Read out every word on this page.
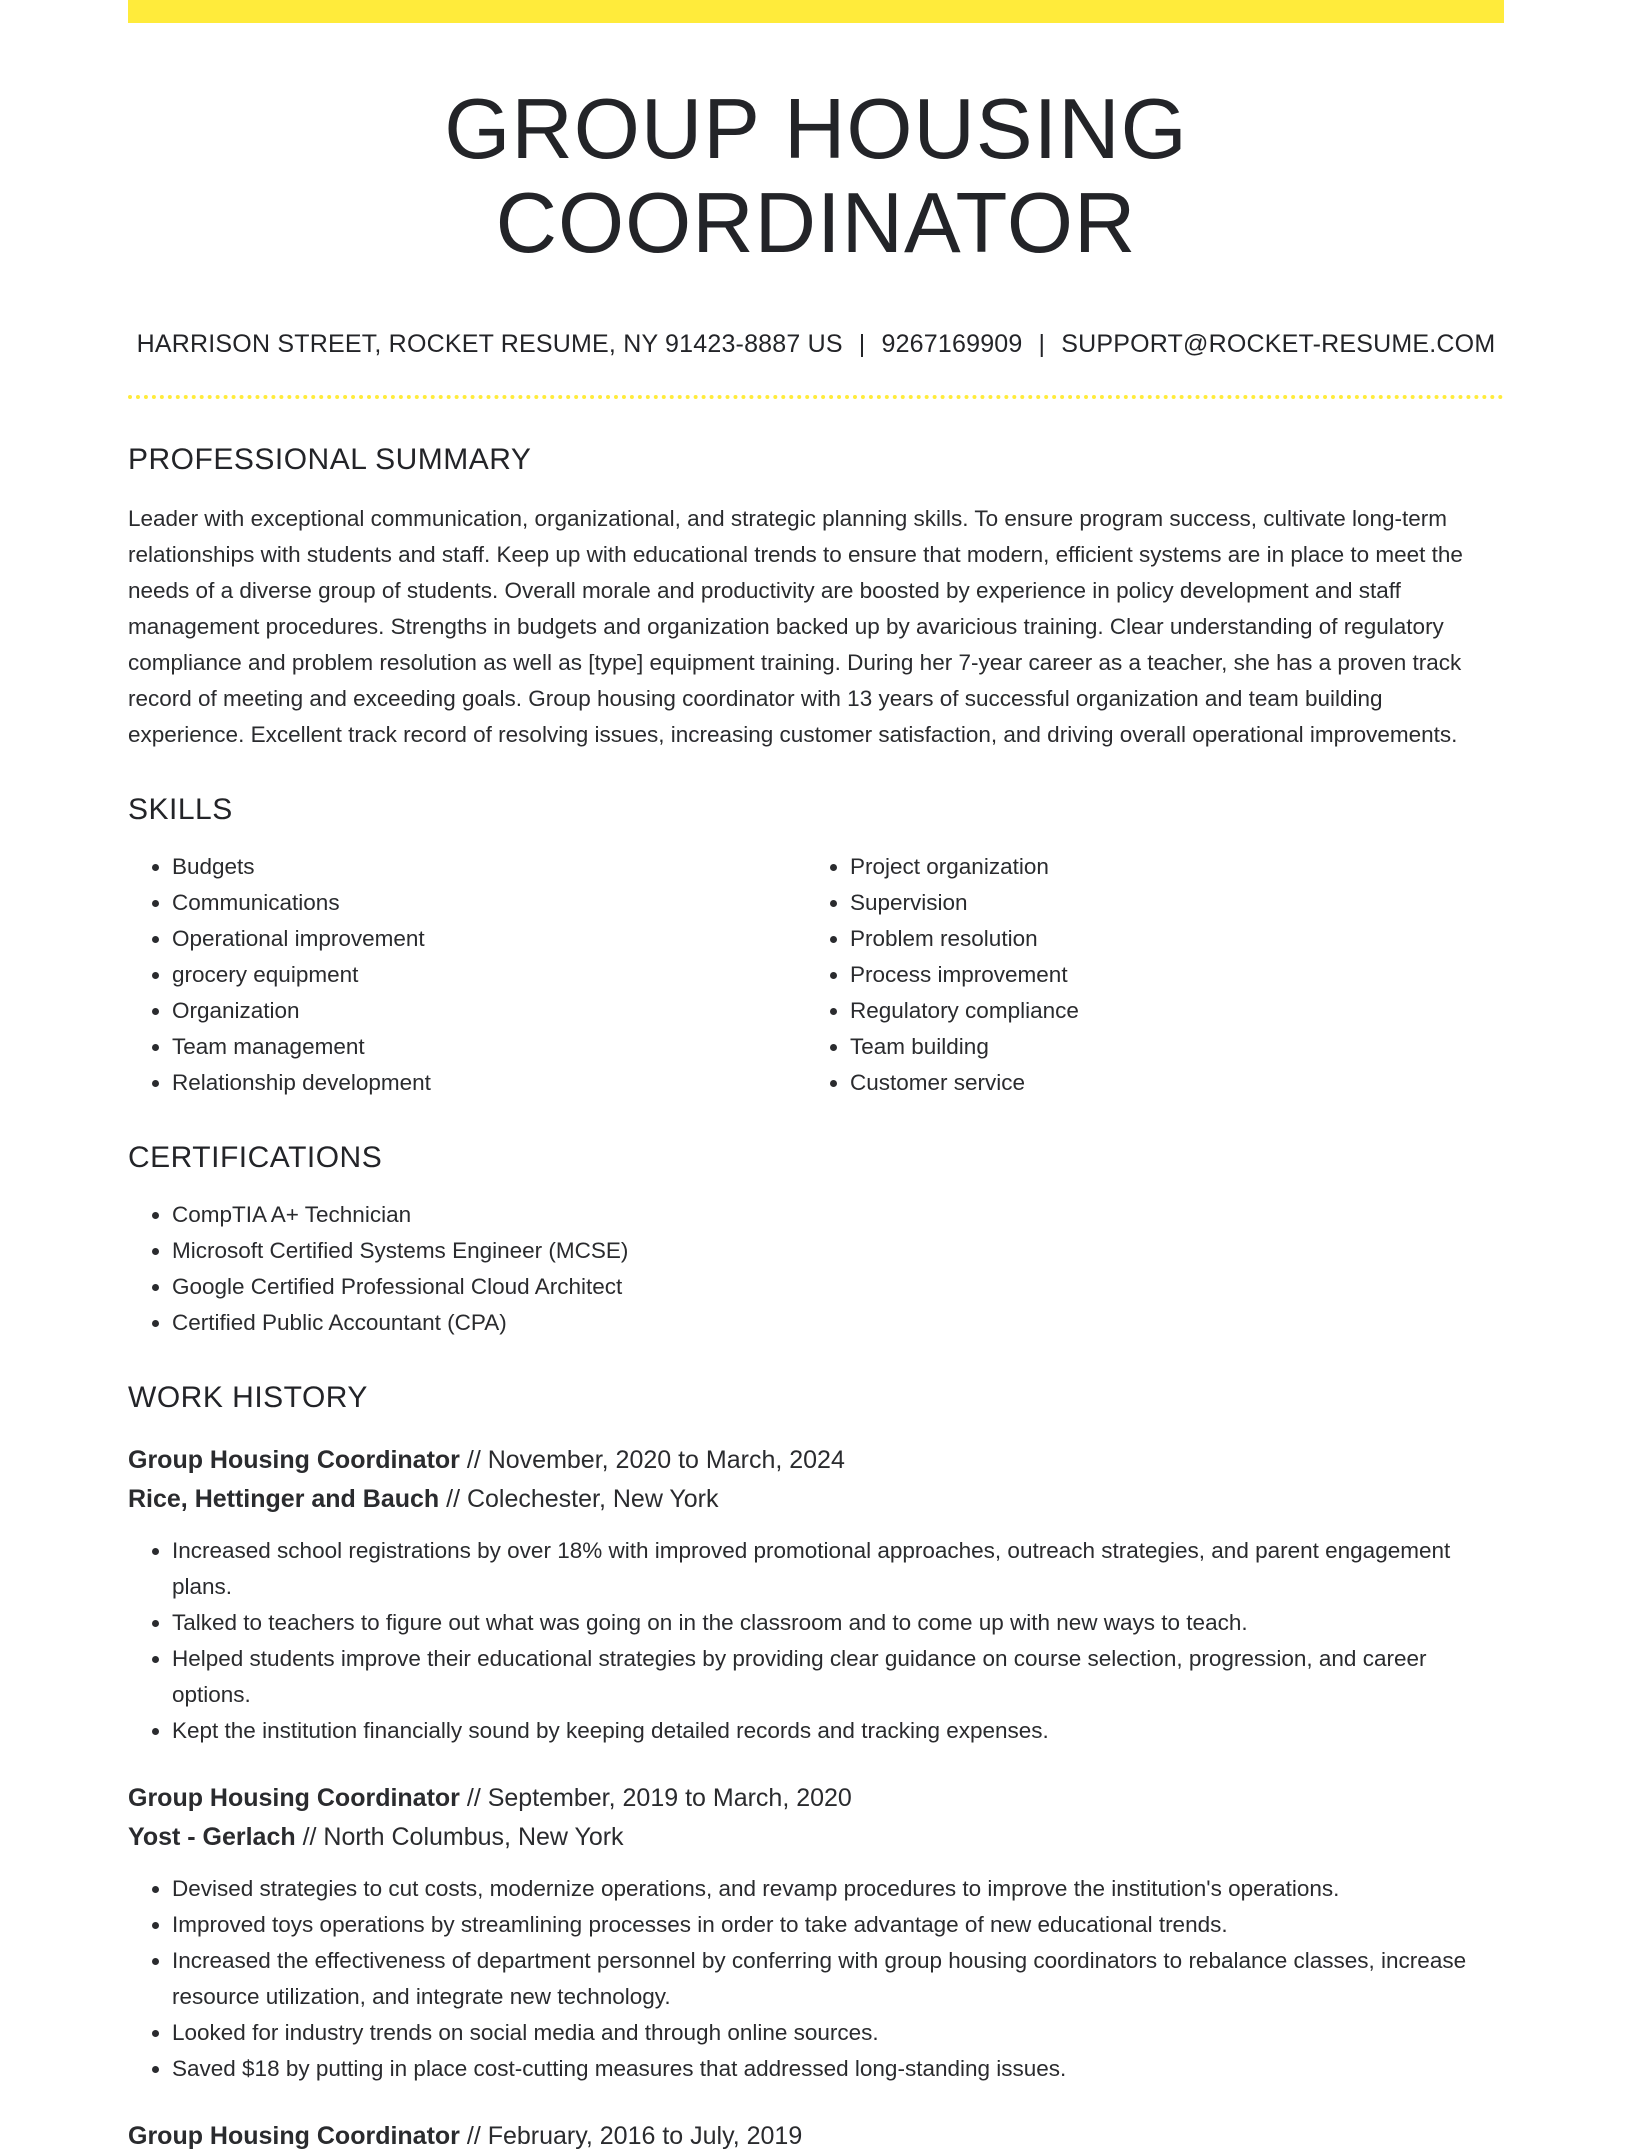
GROUP HOUSING COORDINATOR
HARRISON STREET, ROCKET RESUME, NY 91423-8887 US | 9267169909 | SUPPORT@ROCKET-RESUME.COM
PROFESSIONAL SUMMARY
Leader with exceptional communication, organizational, and strategic planning skills. To ensure program success, cultivate long-term relationships with students and staff. Keep up with educational trends to ensure that modern, efficient systems are in place to meet the needs of a diverse group of students. Overall morale and productivity are boosted by experience in policy development and staff management procedures. Strengths in budgets and organization backed up by avaricious training. Clear understanding of regulatory compliance and problem resolution as well as [type] equipment training. During her 7-year career as a teacher, she has a proven track record of meeting and exceeding goals. Group housing coordinator with 13 years of successful organization and team building experience. Excellent track record of resolving issues, increasing customer satisfaction, and driving overall operational improvements.
SKILLS
• Budgets
• Communications
• Operational improvement
• grocery equipment
• Organization
• Team management
• Relationship development
• Project organization
• Supervision
• Problem resolution
• Process improvement
• Regulatory compliance
• Team building
• Customer service
CERTIFICATIONS
• CompTIA A+ Technician
• Microsoft Certified Systems Engineer (MCSE)
• Google Certified Professional Cloud Architect
• Certified Public Accountant (CPA)
WORK HISTORY
Group Housing Coordinator // November, 2020 to March, 2024
Rice, Hettinger and Bauch // Colechester, New York
• Increased school registrations by over 18% with improved promotional approaches, outreach strategies, and parent engagement plans.
• Talked to teachers to figure out what was going on in the classroom and to come up with new ways to teach.
• Helped students improve their educational strategies by providing clear guidance on course selection, progression, and career options.
• Kept the institution financially sound by keeping detailed records and tracking expenses.
Group Housing Coordinator // September, 2019 to March, 2020
Yost - Gerlach // North Columbus, New York
• Devised strategies to cut costs, modernize operations, and revamp procedures to improve the institution's operations.
• Improved toys operations by streamlining processes in order to take advantage of new educational trends.
• Increased the effectiveness of department personnel by conferring with group housing coordinators to rebalance classes, increase resource utilization, and integrate new technology.
• Looked for industry trends on social media and through online sources.
• Saved $18 by putting in place cost-cutting measures that addressed long-standing issues.
Group Housing Coordinator // February, 2016 to July, 2019
